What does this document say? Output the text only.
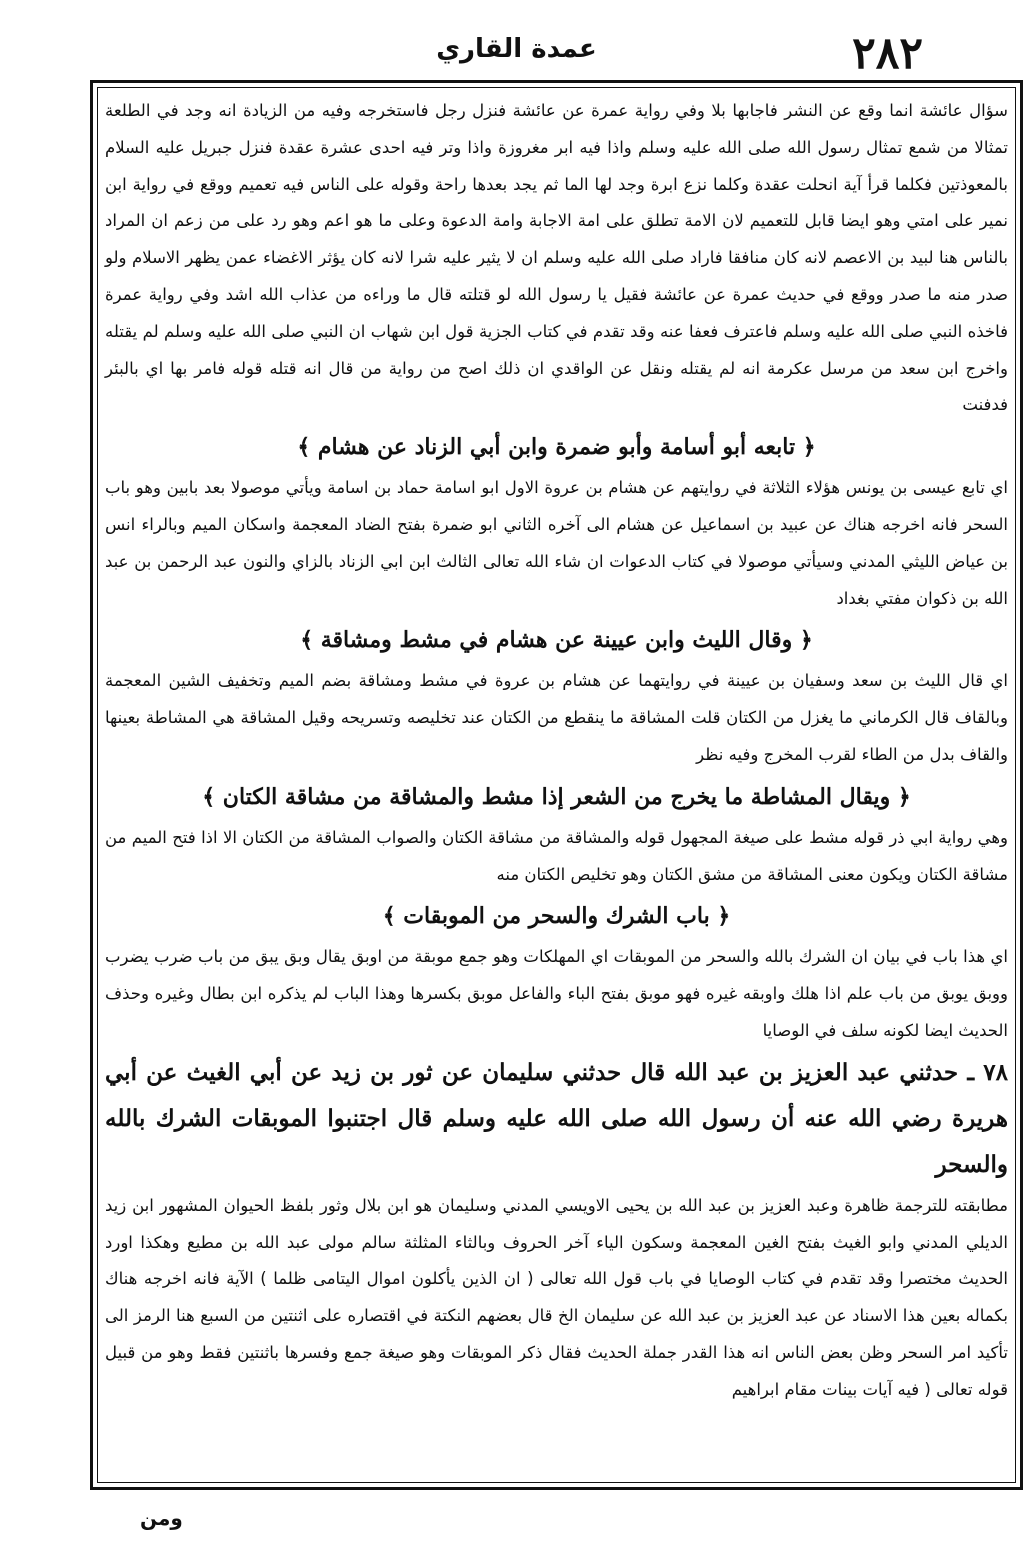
٢٨٢
عمدة القاري

سؤال عائشة انما وقع عن النشر فاجابها بلا وفي رواية عمرة عن عائشة فنزل رجل فاستخرجه وفيه من الزيادة انه وجد في الطلعة تمثالا من شمع تمثال رسول الله صلى الله عليه وسلم واذا فيه ابر مغروزة واذا وتر فيه احدى عشرة عقدة فنزل جبريل عليه السلام بالمعوذتين فكلما قرأ آية انحلت عقدة وكلما نزع ابرة وجد لها الما ثم يجد بعدها راحة وقوله على الناس فيه تعميم ووقع في رواية ابن نمير على امتي وهو ايضا قابل للتعميم لان الامة تطلق على امة الاجابة وامة الدعوة وعلى ما هو اعم وهو رد على من زعم ان المراد بالناس هنا لبيد بن الاعصم لانه كان منافقا فاراد صلى الله عليه وسلم ان لا يثير عليه شرا لانه كان يؤثر الاغضاء عمن يظهر الاسلام ولو صدر منه ما صدر ووقع في حديث عمرة عن عائشة فقيل يا رسول الله لو قتلته قال ما وراءه من عذاب الله اشد وفي رواية عمرة فاخذه النبي صلى الله عليه وسلم فاعترف فعفا عنه وقد تقدم في كتاب الجزية قول ابن شهاب ان النبي صلى الله عليه وسلم لم يقتله واخرج ابن سعد من مرسل عكرمة انه لم يقتله ونقل عن الواقدي ان ذلك اصح من رواية من قال انه قتله قوله فامر بها اي بالبئر فدفنت

﴿ تابعه أبو أسامة وأبو ضمرة وابن أبي الزناد عن هشام ﴾

اي تابع عيسى بن يونس هؤلاء الثلاثة في روايتهم عن هشام بن عروة الاول ابو اسامة حماد بن اسامة ويأتي موصولا بعد بابين وهو باب السحر فانه اخرجه هناك عن عبيد بن اسماعيل عن هشام الى آخره الثاني ابو ضمرة بفتح الضاد المعجمة واسكان الميم وبالراء انس بن عياض الليثي المدني وسيأتي موصولا في كتاب الدعوات ان شاء الله تعالى الثالث ابن ابي الزناد بالزاي والنون عبد الرحمن بن عبد الله بن ذكوان مفتي بغداد

﴿ وقال الليث وابن عيينة عن هشام في مشط ومشاقة ﴾

اي قال الليث بن سعد وسفيان بن عيينة في روايتهما عن هشام بن عروة في مشط ومشاقة بضم الميم وتخفيف الشين المعجمة وبالقاف قال الكرماني ما يغزل من الكتان قلت المشاقة ما ينقطع من الكتان عند تخليصه وتسريحه وقيل المشاقة هي المشاطة بعينها والقاف بدل من الطاء لقرب المخرج وفيه نظر

﴿ ويقال المشاطة ما يخرج من الشعر إذا مشط والمشاقة من مشاقة الكتان ﴾

وهي رواية ابي ذر قوله مشط على صيغة المجهول قوله والمشاقة من مشاقة الكتان والصواب المشاقة من الكتان الا اذا فتح الميم من مشاقة الكتان ويكون معنى المشاقة من مشق الكتان وهو تخليص الكتان منه

﴿ باب الشرك والسحر من الموبقات ﴾

اي هذا باب في بيان ان الشرك بالله والسحر من الموبقات اي المهلكات وهو جمع موبقة من اوبق يقال وبق يبق من باب ضرب يضرب ووبق يوبق من باب علم اذا هلك واوبقه غيره فهو موبق بفتح الباء والفاعل موبق بكسرها وهذا الباب لم يذكره ابن بطال وغيره وحذف الحديث ايضا لكونه سلف في الوصايا

٧٨ ـ حدثني عبد العزيز بن عبد الله قال حدثني سليمان عن ثور بن زيد عن أبي الغيث عن أبي هريرة رضي الله عنه أن رسول الله صلى الله عليه وسلم قال اجتنبوا الموبقات الشرك بالله والسحر

مطابقته للترجمة ظاهرة وعبد العزيز بن عبد الله بن يحيى الاويسي المدني وسليمان هو ابن بلال وثور بلفظ الحيوان المشهور ابن زيد الديلي المدني وابو الغيث بفتح الغين المعجمة وسكون الياء آخر الحروف وبالثاء المثلثة سالم مولى عبد الله بن مطيع وهكذا اورد الحديث مختصرا وقد تقدم في كتاب الوصايا في باب قول الله تعالى ( ان الذين يأكلون اموال اليتامى ظلما ) الآية فانه اخرجه هناك بكماله بعين هذا الاسناد عن عبد العزيز بن عبد الله عن سليمان الخ قال بعضهم النكتة في اقتصاره على اثنتين من السبع هنا الرمز الى تأكيد امر السحر وظن بعض الناس انه هذا القدر جملة الحديث فقال ذكر الموبقات وهو صيغة جمع وفسرها باثنتين فقط وهو من قبيل قوله تعالى ( فيه آيات بينات مقام ابراهيم

ومن
